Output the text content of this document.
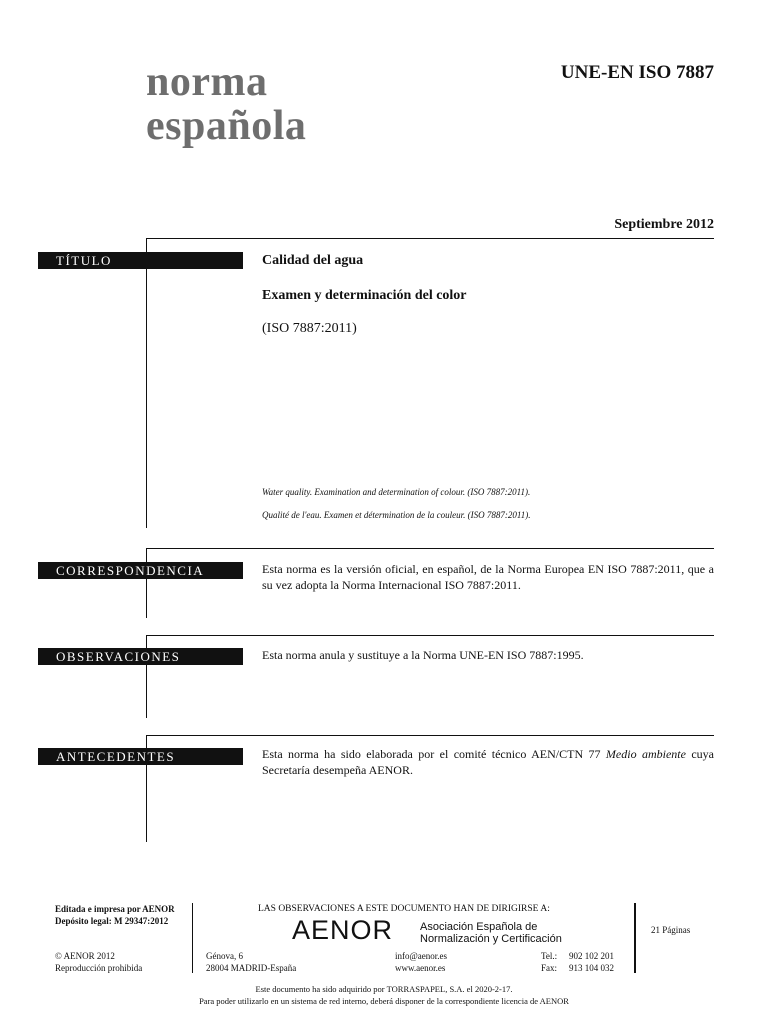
norma
española
UNE-EN ISO 7887
Septiembre 2012
TÍTULO	Calidad del agua
Examen y determinación del color
(ISO 7887:2011)
Water quality. Examination and determination of colour. (ISO 7887:2011).
Qualité de l'eau. Examen et détermination de la couleur. (ISO 7887:2011).
CORRESPONDENCIA	Esta norma es la versión oficial, en español, de la Norma Europea EN ISO 7887:2011, que a su vez adopta la Norma Internacional ISO 7887:2011.
OBSERVACIONES	Esta norma anula y sustituye a la Norma UNE-EN ISO 7887:1995.
ANTECEDENTES	Esta norma ha sido elaborada por el comité técnico AEN/CTN 77 Medio ambiente cuya Secretaría desempeña AENOR.
Editada e impresa por AENOR
Depósito legal: M 29347:2012
© AENOR 2012
Reproducción prohibida
LAS OBSERVACIONES A ESTE DOCUMENTO HAN DE DIRIGIRSE A:
AENOR Asociación Española de
Normalización y Certificación
Génova, 6
28004 MADRID-España
info@aenor.es
www.aenor.es
Tel.: 902 102 201
Fax: 913 104 032
21 Páginas
Este documento ha sido adquirido por TORRASPAPEL, S.A. el 2020-2-17.
Para poder utilizarlo en un sistema de red interno, deberá disponer de la correspondiente licencia de AENOR
